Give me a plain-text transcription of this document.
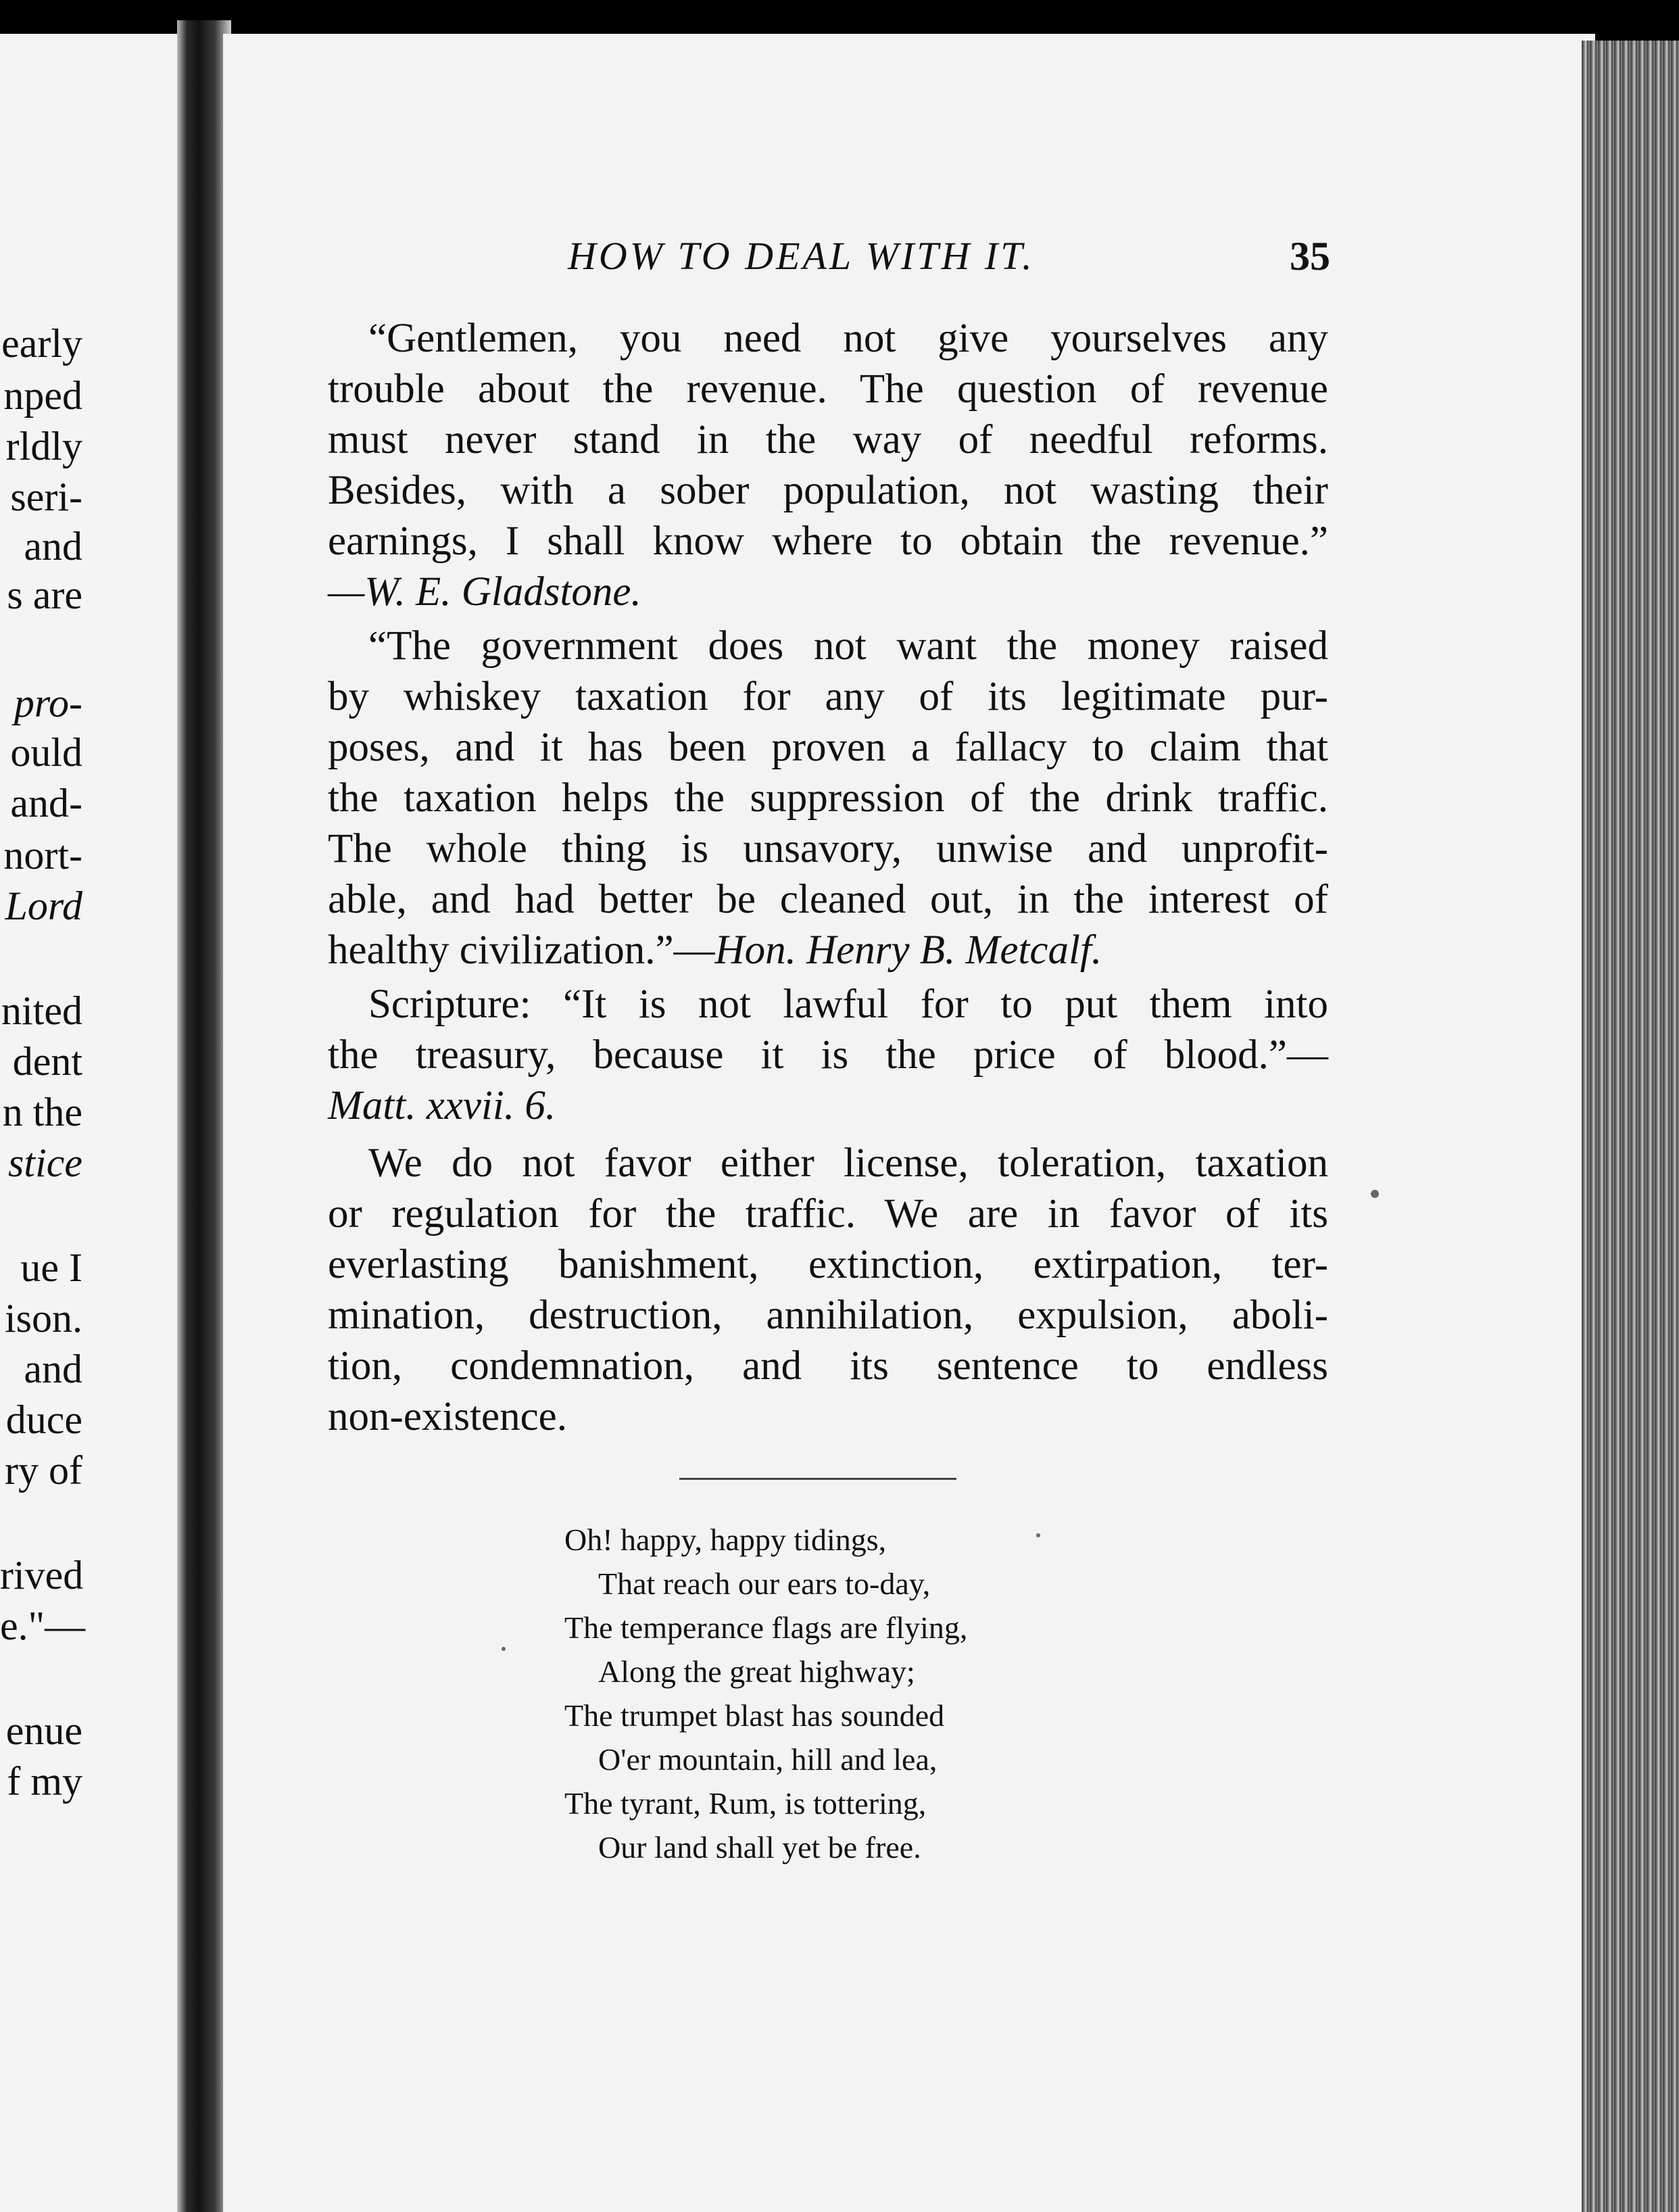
HOW TO DEAL WITH IT.	35
early
nped
rldly
seri-
and
s are
pro-
ould
and-
nort-
Lord
nited
dent
n the
stice
ue I
ison.
and
duce
ry of
rived
e."—
enue
f my
“Gentlemen, you need not give yourselves any
trouble about the revenue. The question of revenue
must never stand in the way of needful reforms.
Besides, with a sober population, not wasting their
earnings, I shall know where to obtain the revenue.”
—W. E. Gladstone.
“The government does not want the money raised
by whiskey taxation for any of its legitimate pur-
poses, and it has been proven a fallacy to claim that
the taxation helps the suppression of the drink traffic.
The whole thing is unsavory, unwise and unprofit-
able, and had better be cleaned out, in the interest of
healthy civilization.”—Hon. Henry B. Metcalf.
Scripture: “It is not lawful for to put them into
the treasury, because it is the price of blood.”—
Matt. xxvii. 6.
We do not favor either license, toleration, taxation
or regulation for the traffic. We are in favor of its
everlasting banishment, extinction, extirpation, ter-
mination, destruction, annihilation, expulsion, aboli-
tion, condemnation, and its sentence to endless
non-existence.
Oh! happy, happy tidings,
That reach our ears to-day,
The temperance flags are flying,
Along the great highway;
The trumpet blast has sounded
O'er mountain, hill and lea,
The tyrant, Rum, is tottering,
Our land shall yet be free.
